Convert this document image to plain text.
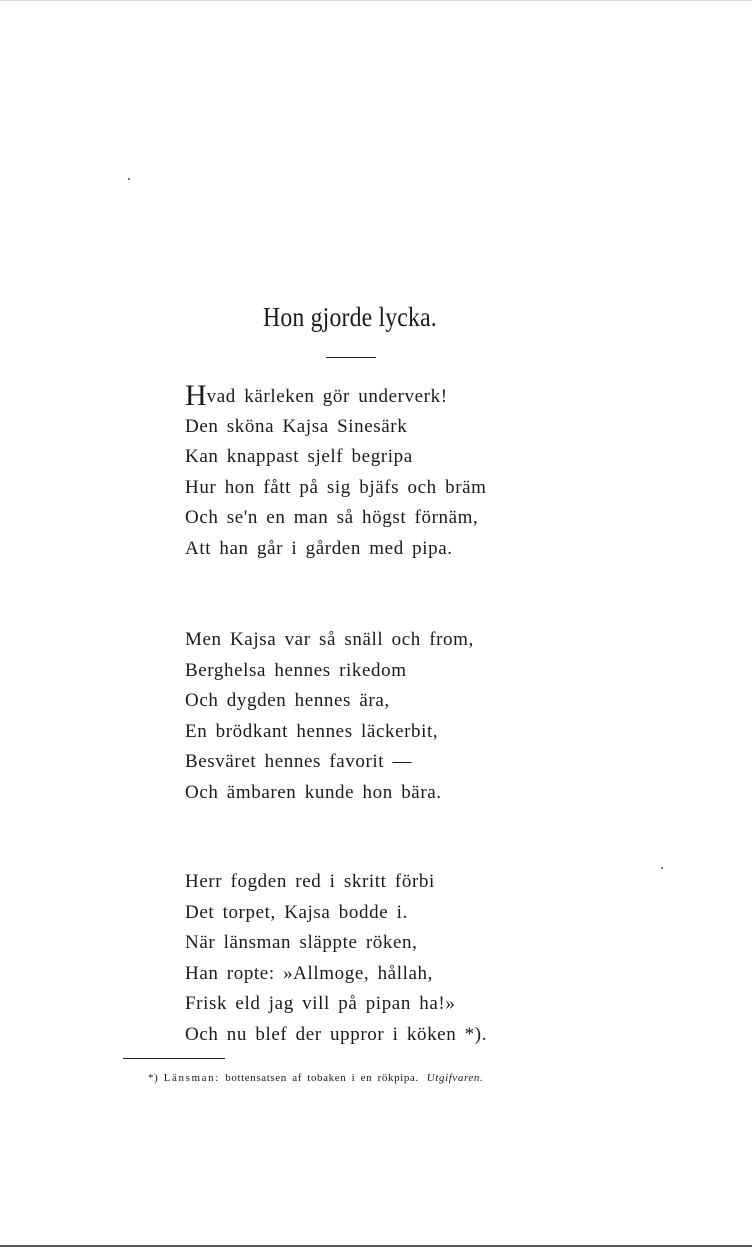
Hon gjorde lycka.
Hvad kärleken gör underverk!
Den sköna Kajsa Sinesärk
Kan knappast sjelf begripa
Hur hon fått på sig bjäfs och bräm
Och se'n en man så högst förnäm,
Att han går i gården med pipa.
Men Kajsa var så snäll och from,
Berghelsa hennes rikedom
Och dygden hennes ära,
En brödkant hennes läckerbit,
Besväret hennes favorit —
Och ämbaren kunde hon bära.
Herr fogden red i skritt förbi
Det torpet, Kajsa bodde i.
När länsman släppte röken,
Han ropte: »Allmoge, hållah,
Frisk eld jag vill på pipan ha!»
Och nu blef der uppror i köken *).

*) Länsman: bottensatsen af tobaken i en rökpipa. Utgifvaren.
